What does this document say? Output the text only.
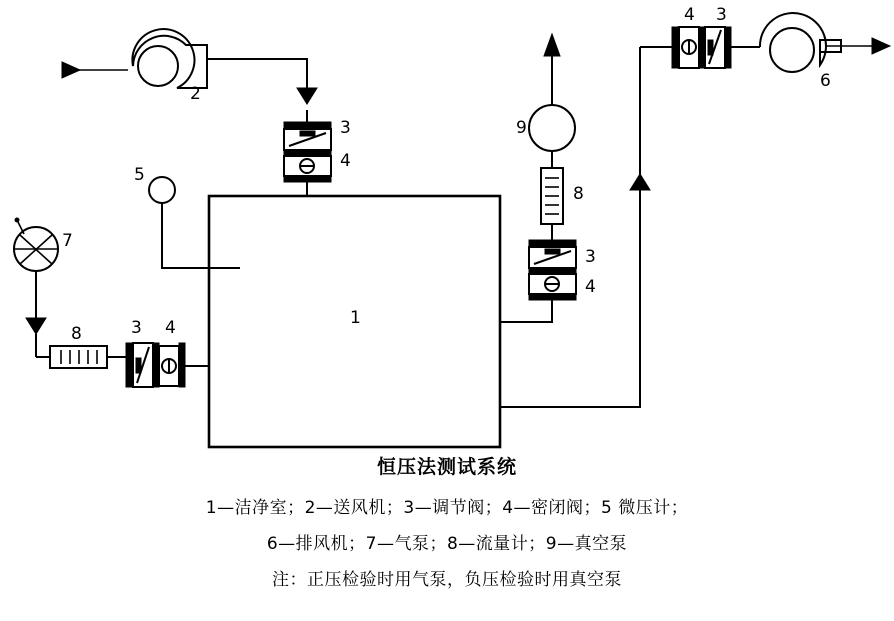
1
2
3
4
5
7
8	3 4
4
3
8
9
4 3
6
恒压法测试系统
1—洁净室；2—送风机；3—调节阀；4—密闭阀；5 微压计；
6—排风机；7—气泵；8—流量计；9—真空泵
注：正压检验时用气泵，负压检验时用真空泵
